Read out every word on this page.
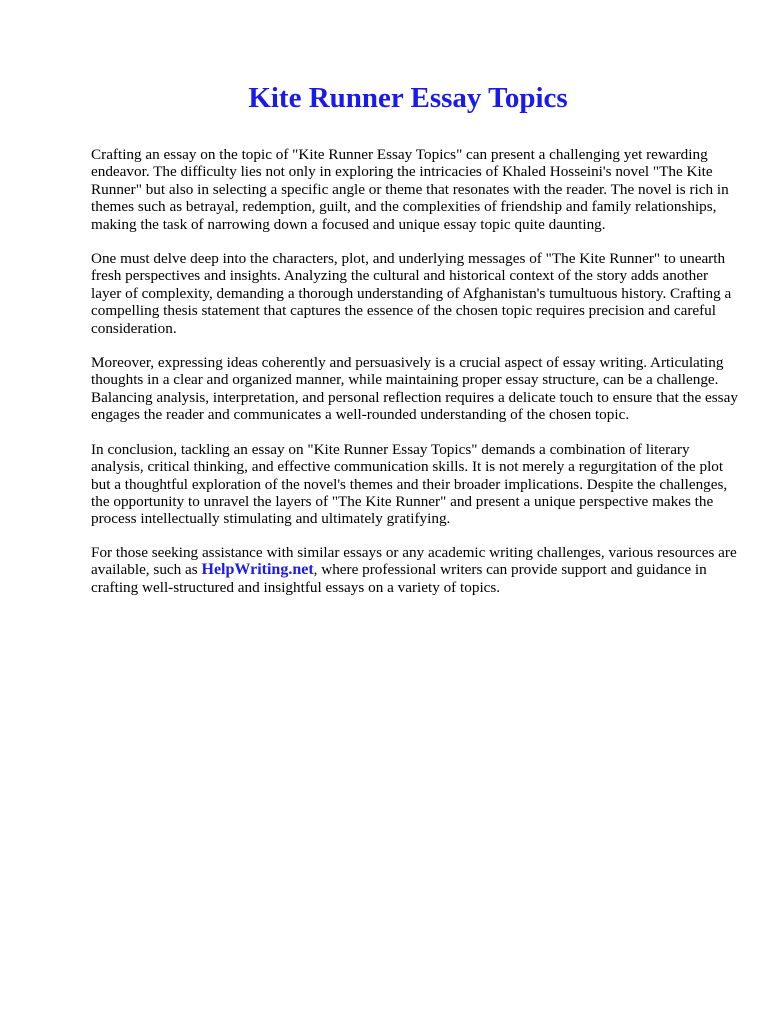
Kite Runner Essay Topics

Crafting an essay on the topic of "Kite Runner Essay Topics" can present a challenging yet rewarding endeavor. The difficulty lies not only in exploring the intricacies of Khaled Hosseini's novel "The Kite Runner" but also in selecting a specific angle or theme that resonates with the reader. The novel is rich in themes such as betrayal, redemption, guilt, and the complexities of friendship and family relationships, making the task of narrowing down a focused and unique essay topic quite daunting.

One must delve deep into the characters, plot, and underlying messages of "The Kite Runner" to unearth fresh perspectives and insights. Analyzing the cultural and historical context of the story adds another layer of complexity, demanding a thorough understanding of Afghanistan's tumultuous history. Crafting a compelling thesis statement that captures the essence of the chosen topic requires precision and careful consideration.

Moreover, expressing ideas coherently and persuasively is a crucial aspect of essay writing. Articulating thoughts in a clear and organized manner, while maintaining proper essay structure, can be a challenge. Balancing analysis, interpretation, and personal reflection requires a delicate touch to ensure that the essay engages the reader and communicates a well-rounded understanding of the chosen topic.

In conclusion, tackling an essay on "Kite Runner Essay Topics" demands a combination of literary analysis, critical thinking, and effective communication skills. It is not merely a regurgitation of the plot but a thoughtful exploration of the novel's themes and their broader implications. Despite the challenges, the opportunity to unravel the layers of "The Kite Runner" and present a unique perspective makes the process intellectually stimulating and ultimately gratifying.

For those seeking assistance with similar essays or any academic writing challenges, various resources are available, such as HelpWriting.net, where professional writers can provide support and guidance in crafting well-structured and insightful essays on a variety of topics.
